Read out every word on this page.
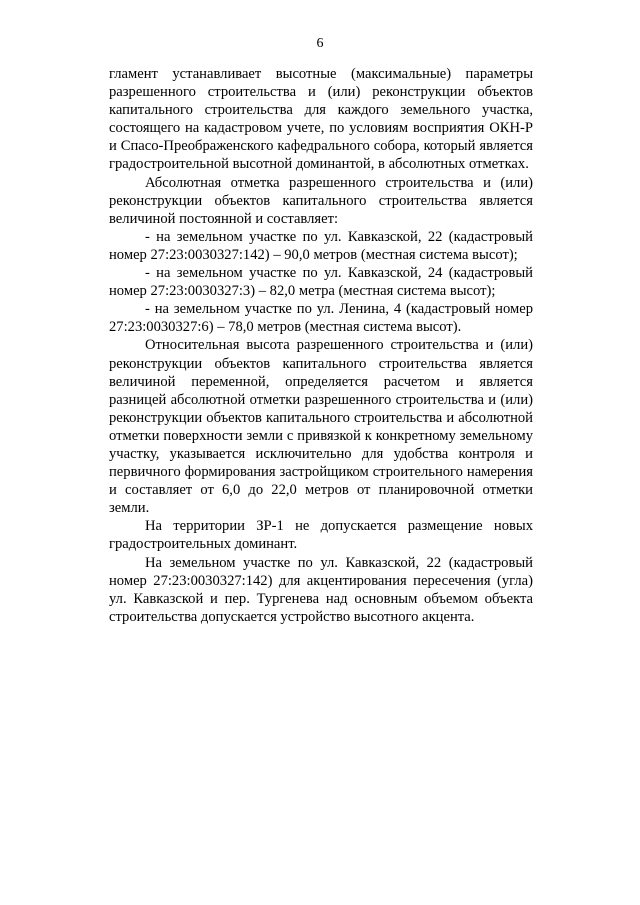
6

гламент устанавливает высотные (максимальные) параметры разрешенного строительства и (или) реконструкции объектов капитального строительства для каждого земельного участка, состоящего на кадастровом учете, по условиям восприятия ОКН-Р и Спасо-Преображенского кафедрального собора, который является градостроительной высотной доминантой, в абсолютных отметках.

Абсолютная отметка разрешенного строительства и (или) реконструкции объектов капитального строительства является величиной постоянной и составляет:

- на земельном участке по ул. Кавказской, 22 (кадастровый номер 27:23:0030327:142) – 90,0 метров (местная система высот);

- на земельном участке по ул. Кавказской, 24 (кадастровый номер 27:23:0030327:3) – 82,0 метра (местная система высот);

- на земельном участке по ул. Ленина, 4 (кадастровый номер 27:23:0030327:6) – 78,0 метров (местная система высот).

Относительная высота разрешенного строительства и (или) реконструкции объектов капитального строительства является величиной переменной, определяется расчетом и является разницей абсолютной отметки разрешенного строительства и (или) реконструкции объектов капитального строительства и абсолютной отметки поверхности земли с привязкой к конкретному земельному участку, указывается исключительно для удобства контроля и первичного формирования застройщиком строительного намерения и составляет от 6,0 до 22,0 метров от планировочной отметки земли.

На территории ЗР-1 не допускается размещение новых градостроительных доминант.

На земельном участке по ул. Кавказской, 22 (кадастровый номер 27:23:0030327:142) для акцентирования пересечения (угла) ул. Кавказской и пер. Тургенева над основным объемом объекта строительства допускается устройство высотного акцента.
